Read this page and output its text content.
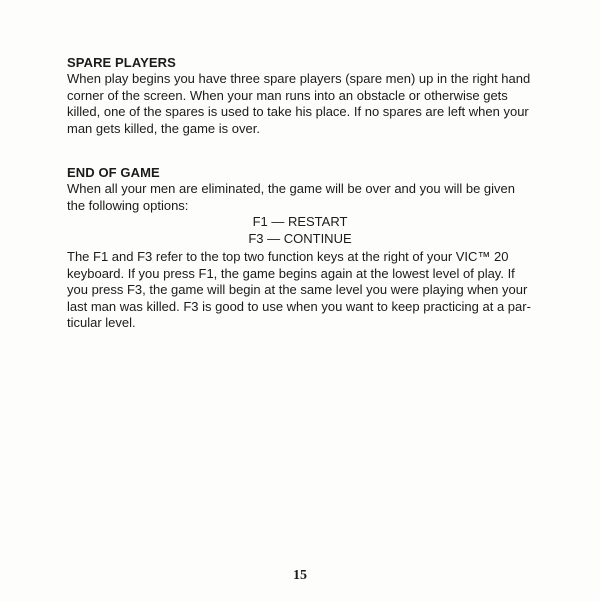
SPARE PLAYERS

When play begins you have three spare players (spare men) up in the right hand
corner of the screen. When your man runs into an obstacle or otherwise gets
killed, one of the spares is used to take his place. If no spares are left when your
man gets killed, the game is over.

END OF GAME

When all your men are eliminated, the game will be over and you will be given
the following options:

F1 — RESTART
F3 — CONTINUE

The F1 and F3 refer to the top two function keys at the right of your VIC™ 20
keyboard. If you press F1, the game begins again at the lowest level of play. If
you press F3, the game will begin at the same level you were playing when your
last man was killed. F3 is good to use when you want to keep practicing at a par-
ticular level.

15
